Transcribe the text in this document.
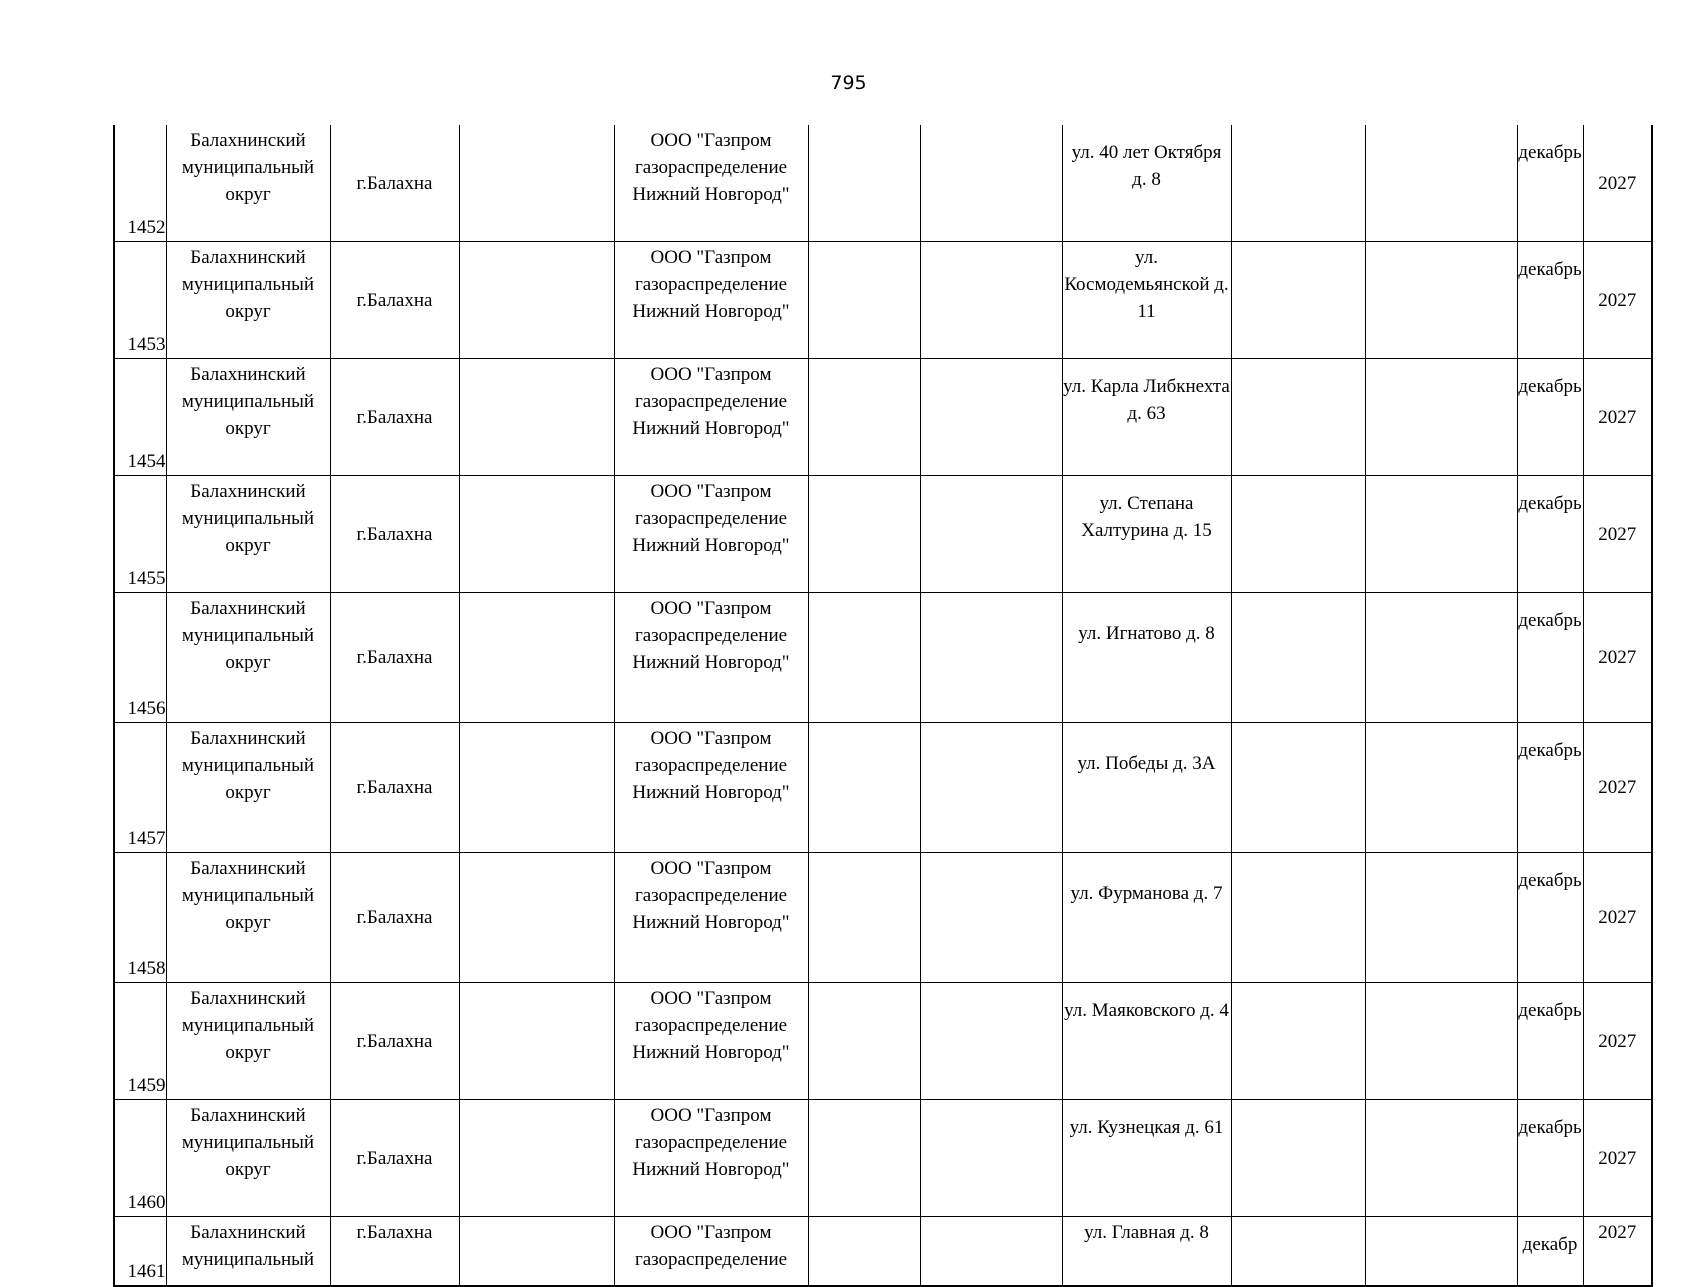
795
1452	Балахнинский муниципальный округ	г.Балахна		ООО "Газпром газораспределение Нижний Новгород"			ул. 40 лет Октября д. 8			декабрь	2027
1453	Балахнинский муниципальный округ	г.Балахна		ООО "Газпром газораспределение Нижний Новгород"			ул. Космодемьянской д. 11			декабрь	2027
1454	Балахнинский муниципальный округ	г.Балахна		ООО "Газпром газораспределение Нижний Новгород"			ул. Карла Либкнехта д. 63			декабрь	2027
1455	Балахнинский муниципальный округ	г.Балахна		ООО "Газпром газораспределение Нижний Новгород"			ул. Степана Халтурина д. 15			декабрь	2027
1456	Балахнинский муниципальный округ	г.Балахна		ООО "Газпром газораспределение Нижний Новгород"			ул. Игнатово д. 8			декабрь	2027
1457	Балахнинский муниципальный округ	г.Балахна		ООО "Газпром газораспределение Нижний Новгород"			ул. Победы д. 3А			декабрь	2027
1458	Балахнинский муниципальный округ	г.Балахна		ООО "Газпром газораспределение Нижний Новгород"			ул. Фурманова д. 7			декабрь	2027
1459	Балахнинский муниципальный округ	г.Балахна		ООО "Газпром газораспределение Нижний Новгород"			ул. Маяковского д. 4			декабрь	2027
1460	Балахнинский муниципальный округ	г.Балахна		ООО "Газпром газораспределение Нижний Новгород"			ул. Кузнецкая д. 61			декабрь	2027
1461	Балахнинский муниципальный	г.Балахна		ООО "Газпром газораспределение			ул. Главная д. 8			декабр	2027
